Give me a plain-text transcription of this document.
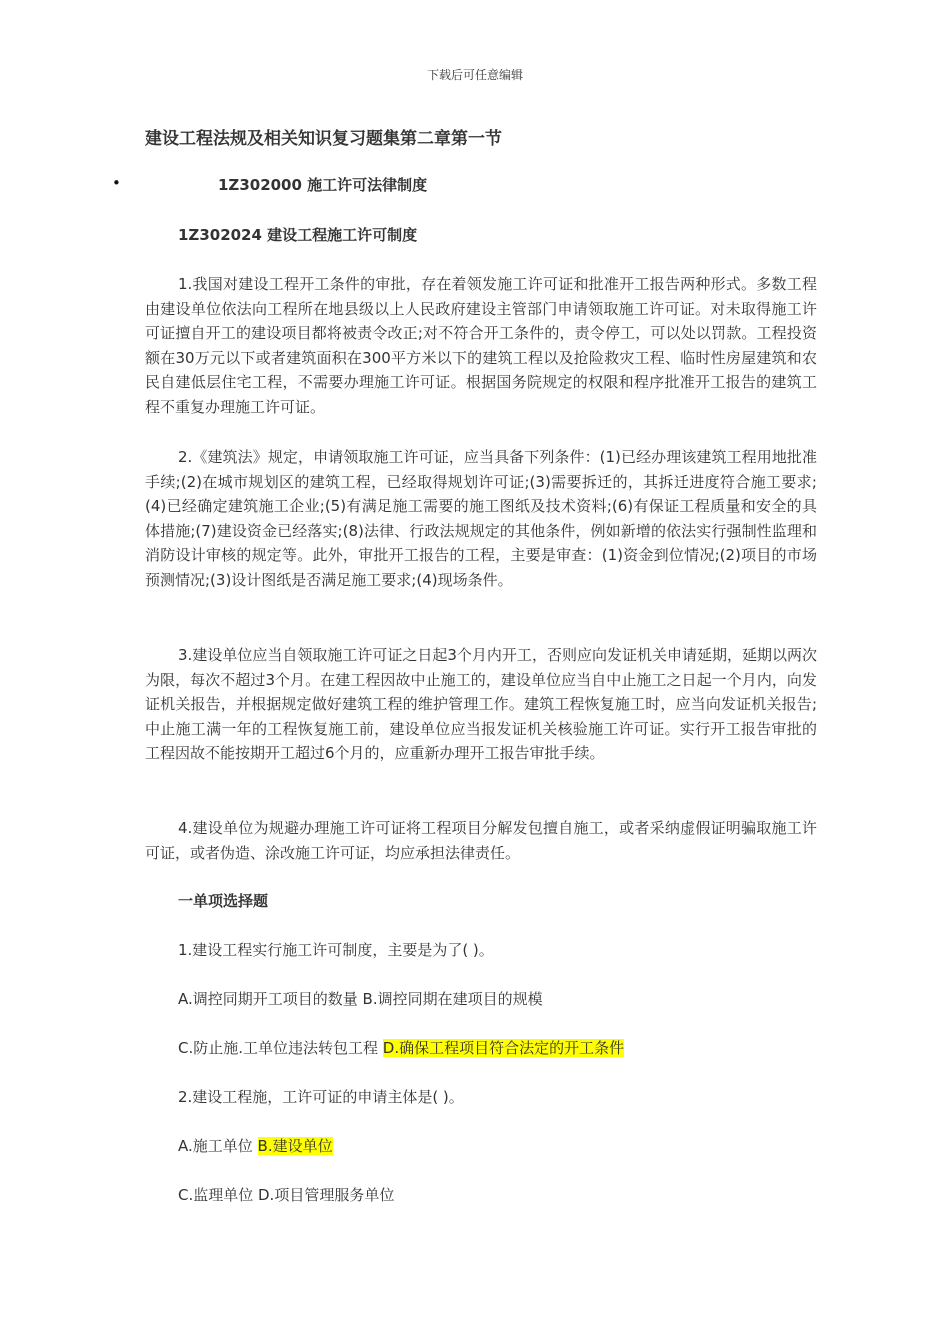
下载后可任意编辑
建设工程法规及相关知识复习题集第二章第一节
•	1Z302000 施工许可法律制度
1Z302024 建设工程施工许可制度

1.我国对建设工程开工条件的审批，存在着领发施工许可证和批准开工报告两种形式。多数工程由建设单位依法向工程所在地县级以上人民政府建设主管部门申请领取施工许可证。对未取得施工许可证擅自开工的建设项目都将被责令改正;对不符合开工条件的，责令停工，可以处以罚款。工程投资额在30万元以下或者建筑面积在300平方米以下的建筑工程以及抢险救灾工程、临时性房屋建筑和农民自建低层住宅工程，不需要办理施工许可证。根据国务院规定的权限和程序批准开工报告的建筑工程不重复办理施工许可证。

2.《建筑法》规定，申请领取施工许可证，应当具备下列条件：(1)已经办理该建筑工程用地批准手续;(2)在城市规划区的建筑工程，已经取得规划许可证;(3)需要拆迁的，其拆迁进度符合施工要求;(4)已经确定建筑施工企业;(5)有满足施工需要的施工图纸及技术资料;(6)有保证工程质量和安全的具体措施;(7)建设资金已经落实;(8)法律、行政法规规定的其他条件，例如新增的依法实行强制性监理和消防设计审核的规定等。此外，审批开工报告的工程，主要是审查：(1)资金到位情况;(2)项目的市场预测情况;(3)设计图纸是否满足施工要求;(4)现场条件。

3.建设单位应当自领取施工许可证之日起3个月内开工，否则应向发证机关申请延期，延期以两次为限，每次不超过3个月。在建工程因故中止施工的，建设单位应当自中止施工之日起一个月内，向发证机关报告，并根据规定做好建筑工程的维护管理工作。建筑工程恢复施工时，应当向发证机关报告;中止施工满一年的工程恢复施工前，建设单位应当报发证机关核验施工许可证。实行开工报告审批的工程因故不能按期开工超过6个月的，应重新办理开工报告审批手续。

4.建设单位为规避办理施工许可证将工程项目分解发包擅自施工，或者采纳虚假证明骗取施工许可证，或者伪造、涂改施工许可证，均应承担法律责任。

一单项选择题
1.建设工程实行施工许可制度，主要是为了( )。
A.调控同期开工项目的数量 B.调控同期在建项目的规模
C.防止施.工单位违法转包工程 D.确保工程项目符合法定的开工条件
2.建设工程施，工许可证的申请主体是( )。
A.施工单位 B.建设单位
C.监理单位 D.项目管理服务单位
